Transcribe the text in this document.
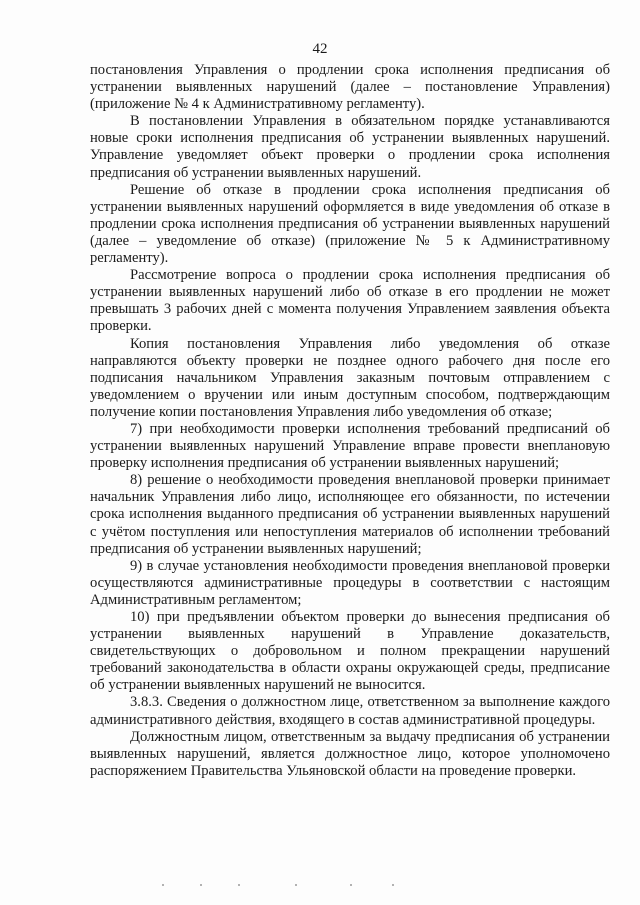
42

постановления Управления о продлении срока исполнения предписания об устранении выявленных нарушений (далее – постановление Управления) (приложение № 4 к Административному регламенту).

В постановлении Управления в обязательном порядке устанавливаются новые сроки исполнения предписания об устранении выявленных нарушений. Управление уведомляет объект проверки о продлении срока исполнения предписания об устранении выявленных нарушений.

Решение об отказе в продлении срока исполнения предписания об устранении выявленных нарушений оформляется в виде уведомления об отказе в продлении срока исполнения предписания об устранении выявленных нарушений (далее – уведомление об отказе) (приложение № 5 к Административному регламенту).

Рассмотрение вопроса о продлении срока исполнения предписания об устранении выявленных нарушений либо об отказе в его продлении не может превышать 3 рабочих дней с момента получения Управлением заявления объекта проверки.

Копия постановления Управления либо уведомления об отказе направляются объекту проверки не позднее одного рабочего дня после его подписания начальником Управления заказным почтовым отправлением с уведомлением о вручении или иным доступным способом, подтверждающим получение копии постановления Управления либо уведомления об отказе;

7) при необходимости проверки исполнения требований предписаний об устранении выявленных нарушений Управление вправе провести внеплановую проверку исполнения предписания об устранении выявленных нарушений;

8) решение о необходимости проведения внеплановой проверки принимает начальник Управления либо лицо, исполняющее его обязанности, по истечении срока исполнения выданного предписания об устранении выявленных нарушений с учётом поступления или непоступления материалов об исполнении требований предписания об устранении выявленных нарушений;

9) в случае установления необходимости проведения внеплановой проверки осуществляются административные процедуры в соответствии с настоящим Административным регламентом;

10) при предъявлении объектом проверки до вынесения предписания об устранении выявленных нарушений в Управление доказательств, свидетельствующих о добровольном и полном прекращении нарушений требований законодательства в области охраны окружающей среды, предписание об устранении выявленных нарушений не выносится.

3.8.3. Сведения о должностном лице, ответственном за выполнение каждого административного действия, входящего в состав административной процедуры.

Должностным лицом, ответственным за выдачу предписания об устранении выявленных нарушений, является должностное лицо, которое уполномочено распоряжением Правительства Ульяновской области на проведение проверки.
